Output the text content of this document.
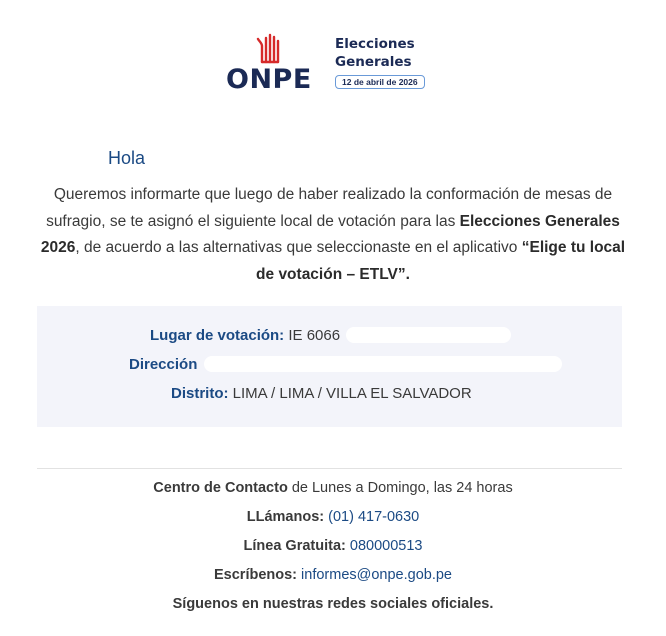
ONPE
Elecciones
Generales
12 de abril de 2026
Hola
Queremos informarte que luego de haber realizado la conformación de mesas de sufragio, se te asignó el siguiente local de votación para las Elecciones Generales 2026, de acuerdo a las alternativas que seleccionaste en el aplicativo “Elige tu local de votación – ETLV”.
Lugar de votación: IE 6066
Dirección
Distrito: LIMA / LIMA / VILLA EL SALVADOR
Centro de Contacto de Lunes a Domingo, las 24 horas
LLámanos: (01) 417-0630
Línea Gratuita: 080000513
Escríbenos: informes@onpe.gob.pe
Síguenos en nuestras redes sociales oficiales.
